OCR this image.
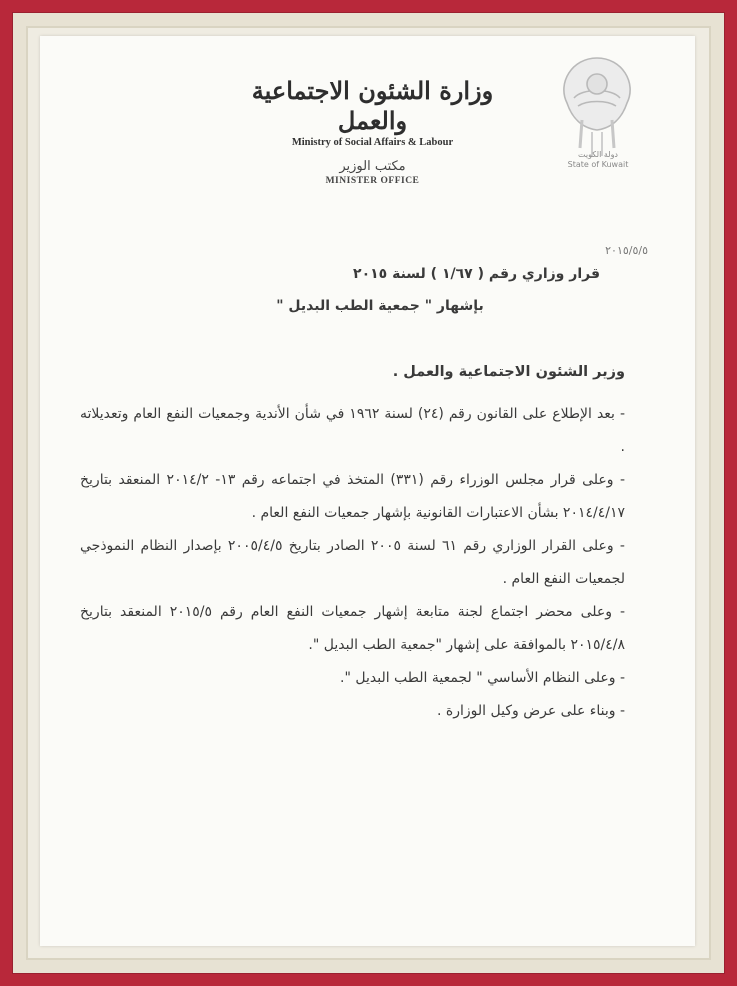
وزارة الشئون الاجتماعية والعمل
Ministry of Social Affairs & Labour
مكتب الوزير
MINISTER OFFICE
٢٠١٥/٥/٥
قرار وزاري رقم ( ١/٦٧ ) لسنة ٢٠١٥
بإشهار " جمعية الطب البديل "
وزير الشئون الاجتماعية والعمل .

- بعد الإطلاع على القانون رقم (٢٤) لسنة ١٩٦٢ في شأن الأندية وجمعيات النفع العام وتعديلاته .

- وعلى قرار مجلس الوزراء رقم (٣٣١) المتخذ في اجتماعه رقم ١٣- ٢٠١٤/٢ المنعقد بتاريخ ٢٠١٤/٤/١٧ بشأن الاعتبارات القانونية بإشهار جمعيات النفع العام .

- وعلى القرار الوزاري رقم ٦١ لسنة ٢٠٠٥ الصادر بتاريخ ٢٠٠٥/٤/٥ بإصدار النظام النموذجي لجمعيات النفع العام .

- وعلى محضر اجتماع لجنة متابعة إشهار جمعيات النفع العام رقم ٢٠١٥/٥ المنعقد بتاريخ ٢٠١٥/٤/٨ بالموافقة على إشهار "جمعية الطب البديل ".

- وعلى النظام الأساسي " لجمعية الطب البديل ".

- وبناء على عرض وكيل الوزارة .

دولة الكويت
State of Kuwait
